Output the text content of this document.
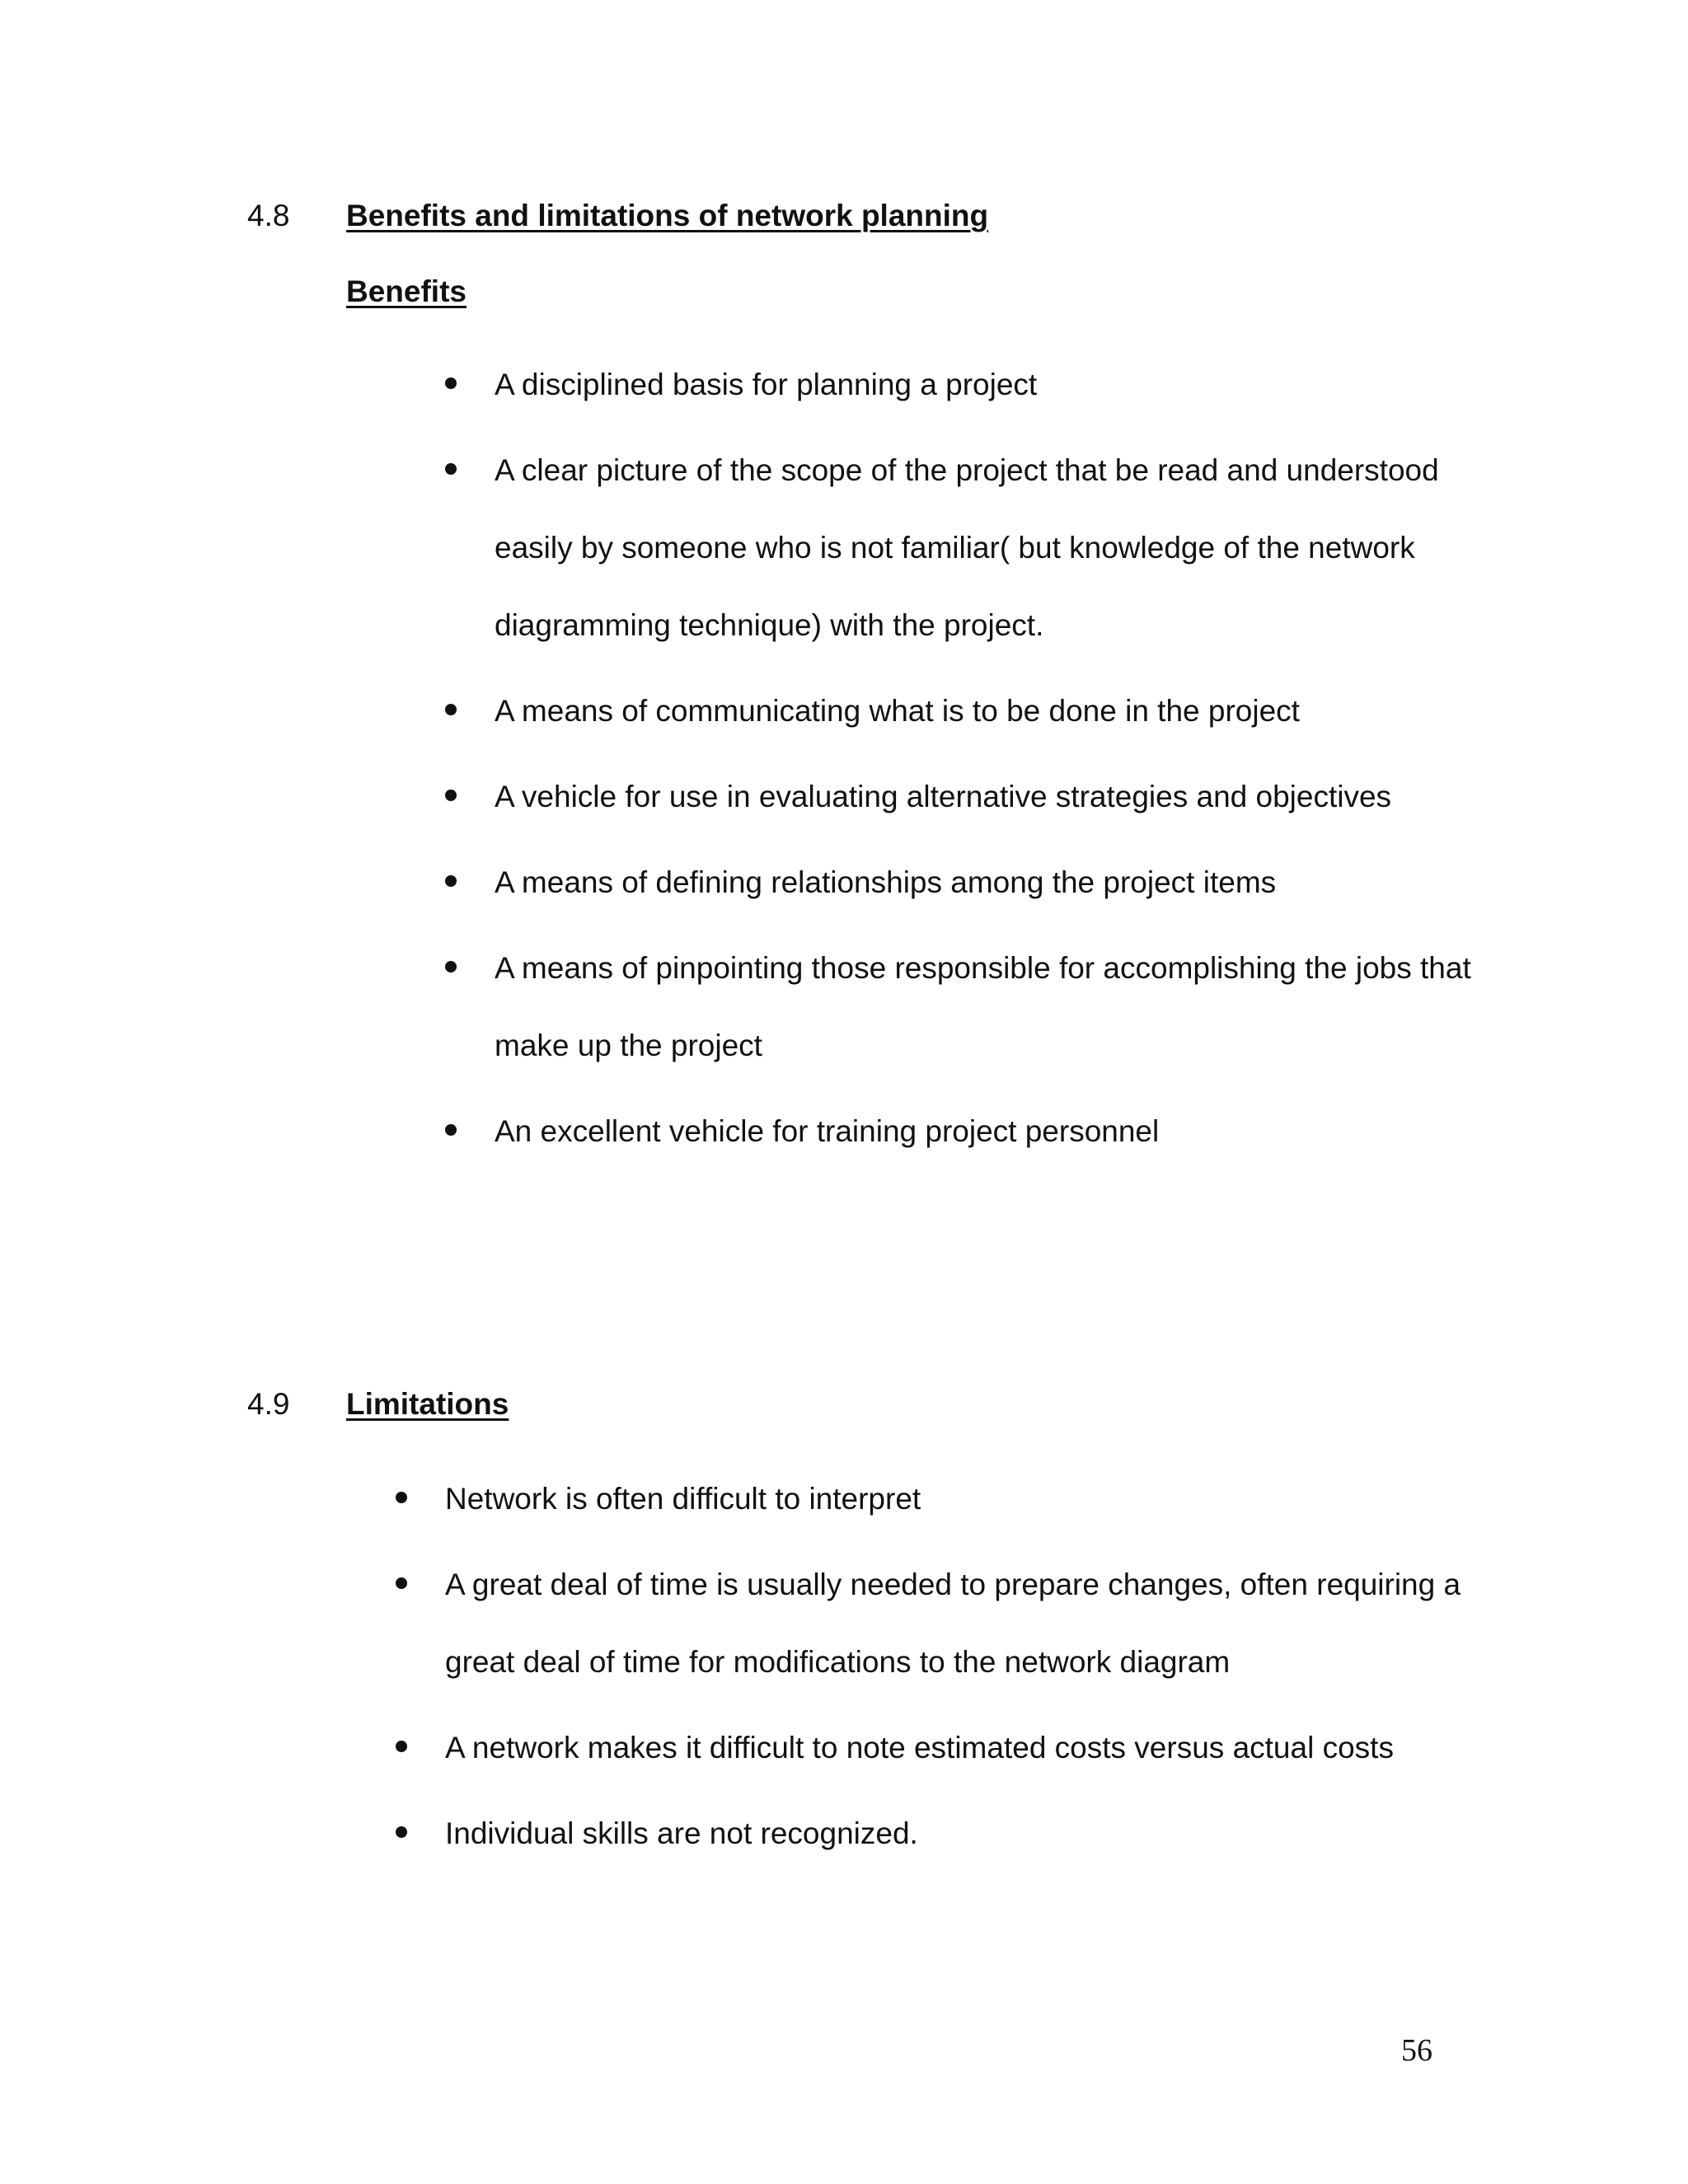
4.8 Benefits and limitations of network planning
Benefits
A disciplined basis for planning a project
A clear picture of the scope of the project that be read and understood easily by someone who is not familiar( but knowledge of the network diagramming technique) with the project.
A means of communicating what is to be done in the project
A vehicle for use in evaluating alternative strategies and objectives
A means of defining relationships among the project items
A means of pinpointing those responsible for accomplishing the jobs that make up the project
An excellent vehicle for training project personnel
4.9 Limitations
Network is often difficult to interpret
A great deal of time is usually needed to prepare changes, often requiring a great deal of time for modifications to the network diagram
A network makes it difficult to note estimated costs versus actual costs
Individual skills are not recognized.
56
